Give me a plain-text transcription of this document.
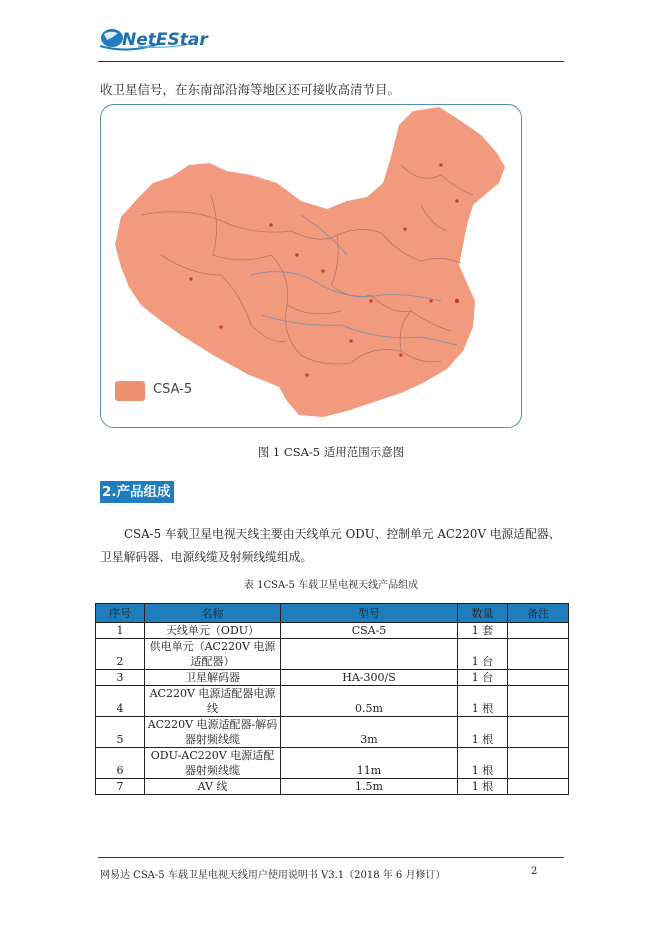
NetEStar
收卫星信号，在东南部沿海等地区还可接收高清节目。
CSA-5
图 1 CSA-5 适用范围示意图
2.产品组成
CSA-5 车载卫星电视天线主要由天线单元 ODU、控制单元 AC220V 电源适配器、
卫星解码器、电源线缆及射频线缆组成。
表 1CSA-5 车载卫星电视天线产品组成
序号	名称	型号	数量	备注
1	天线单元（ODU）	CSA-5	1 套	
2	供电单元（AC220V 电源适配器）		1 台	
3	卫星解码器	HA-300/S	1 台	
4	AC220V 电源适配器电源线	0.5m	1 根	
5	AC220V 电源适配器-解码器射频线缆	3m	1 根	
6	ODU-AC220V 电源适配器射频线缆	11m	1 根	
7	AV 线	1.5m	1 根	
网易达 CSA-5 车载卫星电视天线用户使用说明书 V3.1（2018 年 6 月修订）	2
